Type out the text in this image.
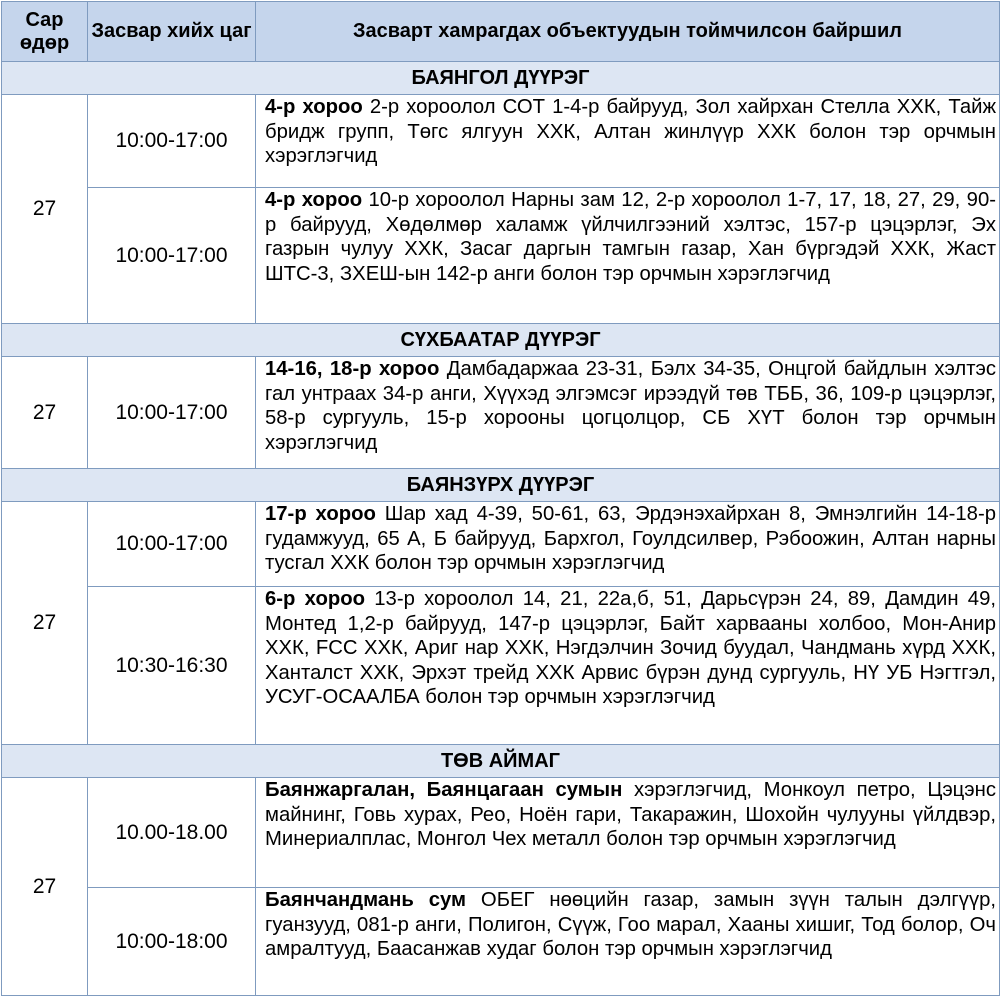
Сар өдөр	Засвар хийх цаг	Засварт хамрагдах объектуудын тоймчилсон байршил
БАЯНГОЛ ДҮҮРЭГ		
27	10:00-17:00	4-р хороо 2-р хороолол СОТ 1-4-р байрууд, Зол хайрхан Стелла ХХК, Тайж бридж групп, Төгс ялгуун ХХК, Алтан жинлүүр ХХК болон тэр орчмын хэрэглэгчид
	10:00-17:00	4-р хороо 10-р хороолол Нарны зам 12, 2-р хороолол 1-7, 17, 18, 27, 29, 90-р байрууд, Хөдөлмөр халамж үйлчилгээний хэлтэс, 157-р цэцэрлэг, Эх газрын чулуу ХХК, Засаг даргын тамгын газар, Хан бүргэдэй ХХК, Жаст ШТС-3, ЗХЕШ-ын 142-р анги болон тэр орчмын хэрэглэгчид
СҮХБААТАР ДҮҮРЭГ		
27	10:00-17:00	14-16, 18-р хороо Дамбадаржаа 23-31, Бэлх 34-35, Онцгой байдлын хэлтэс гал унтраах 34-р анги, Хүүхэд элгэмсэг ирээдүй төв ТББ, 36, 109-р цэцэрлэг, 58-р сургууль, 15-р хорооны цогцолцор, СБ ХҮТ болон тэр орчмын хэрэглэгчид
БАЯНЗҮРХ ДҮҮРЭГ		
27	10:00-17:00	17-р хороо Шар хад 4-39, 50-61, 63, Эрдэнэхайрхан 8, Эмнэлгийн 14-18-р гудамжууд, 65 А, Б байрууд, Бархгол, Гоулдсилвер, Рэбоожин, Алтан нарны тусгал ХХК болон тэр орчмын хэрэглэгчид
	10:30-16:30	6-р хороо 13-р хороолол 14, 21, 22а,б, 51, Дарьсүрэн 24, 89, Дамдин 49, Монтед 1,2-р байрууд, 147-р цэцэрлэг, Байт харвааны холбоо, Мон-Анир ХХК, FCC ХХК, Ариг нар ХХК, Нэгдэлчин Зочид буудал, Чандмань хүрд ХХК, Ханталст ХХК, Эрхэт трейд ХХК Арвис бүрэн дунд сургууль, НҮ УБ Нэгтгэл, УСУГ-ОСААЛБА болон тэр орчмын хэрэглэгчид
ТӨВ АЙМАГ		
27	10.00-18.00	Баянжаргалан, Баянцагаан сумын хэрэглэгчид, Монкоул петро, Цэцэнс майнинг, Говь хурах, Рео, Ноён гари, Такаражин, Шохойн чулууны үйлдвэр, Минериалплас, Монгол Чех металл болон тэр орчмын хэрэглэгчид
	10:00-18:00	Баянчандмань сум ОБЕГ нөөцийн газар, замын зүүн талын дэлгүүр, гуанзууд, 081-р анги, Полигон, Сүүж, Гоо марал, Хааны хишиг, Тод болор, Оч амралтууд, Баасанжав худаг болон тэр орчмын хэрэглэгчид
